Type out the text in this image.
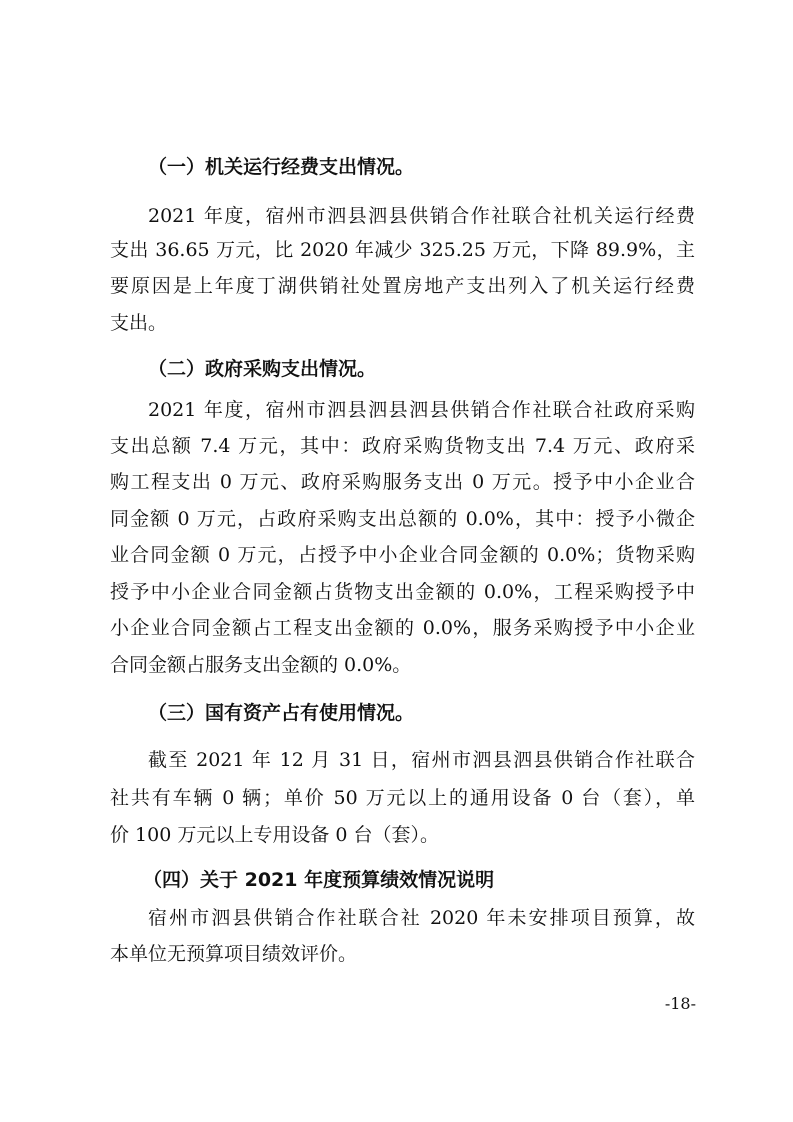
（一）机关运行经费支出情况。
2021 年度，宿州市泗县泗县供销合作社联合社机关运行经费
支出 36.65 万元，比 2020 年减少 325.25 万元，下降 89.9%，主
要原因是上年度丁湖供销社处置房地产支出列入了机关运行经费
支出。
（二）政府采购支出情况。
2021 年度，宿州市泗县泗县泗县供销合作社联合社政府采购
支出总额 7.4 万元，其中：政府采购货物支出 7.4 万元、政府采
购工程支出 0 万元、政府采购服务支出 0 万元。授予中小企业合
同金额 0 万元，占政府采购支出总额的 0.0%，其中：授予小微企
业合同金额 0 万元，占授予中小企业合同金额的 0.0%；货物采购
授予中小企业合同金额占货物支出金额的 0.0%，工程采购授予中
小企业合同金额占工程支出金额的 0.0%，服务采购授予中小企业
合同金额占服务支出金额的 0.0%。
（三）国有资产占有使用情况。
截至 2021 年 12 月 31 日，宿州市泗县泗县供销合作社联合
社共有车辆 0 辆；单价 50 万元以上的通用设备 0 台（套），单
价 100 万元以上专用设备 0 台（套）。
（四）关于 2021 年度预算绩效情况说明
宿州市泗县供销合作社联合社 2020 年未安排项目预算，故
本单位无预算项目绩效评价。
-18-
